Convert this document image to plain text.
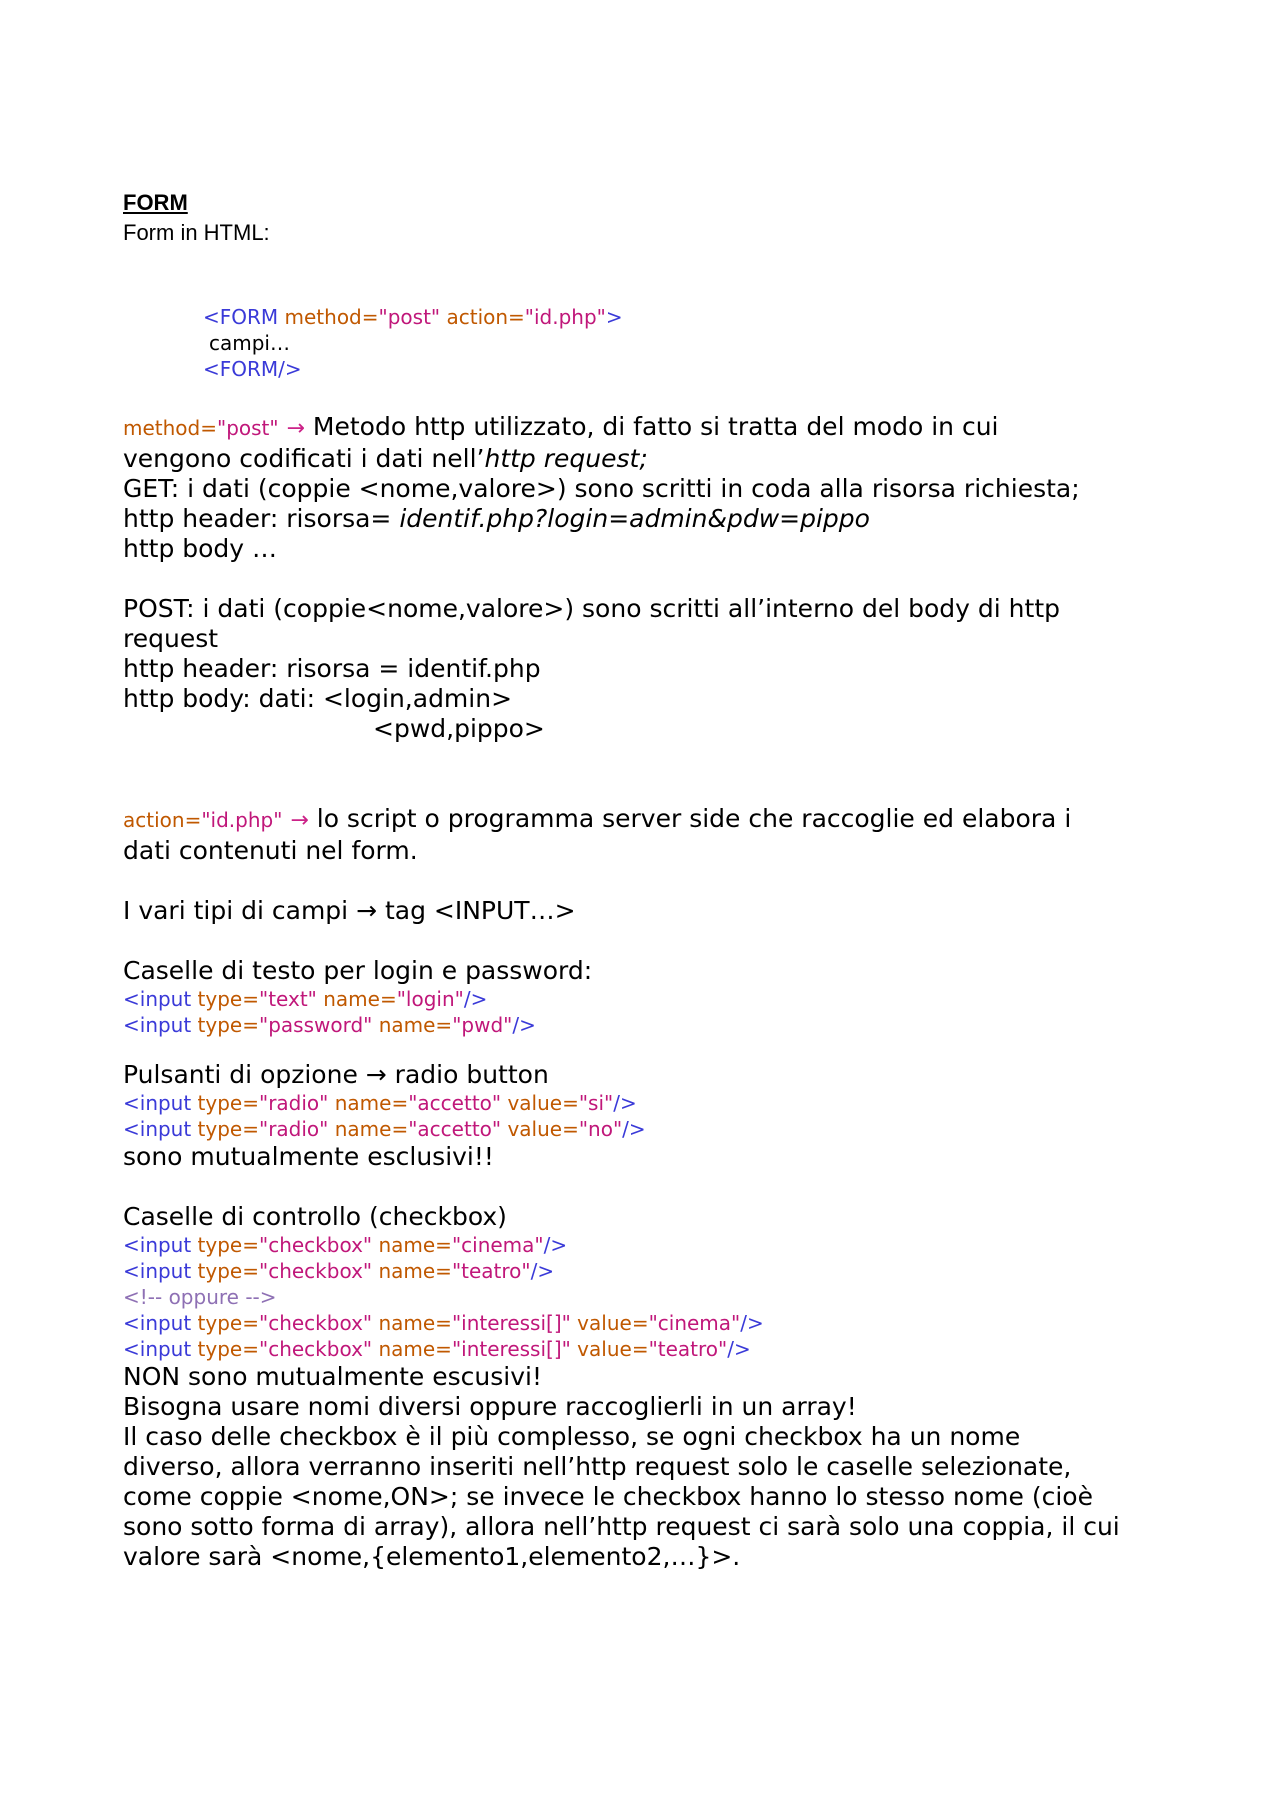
FORM
Form in HTML:
<FORM method="post" action="id.php">
campi…
<FORM/>
method="post" → Metodo http utilizzato, di fatto si tratta del modo in cui
vengono codificati i dati nell’http request;
GET: i dati (coppie <nome,valore>) sono scritti in coda alla risorsa richiesta;
http header: risorsa= identif.php?login=admin&pdw=pippo
http body …
POST: i dati (coppie<nome,valore>) sono scritti all’interno del body di http
request
http header: risorsa = identif.php
http body: dati: <login,admin>
<pwd,pippo>
action="id.php" → lo script o programma server side che raccoglie ed elabora i
dati contenuti nel form.
I vari tipi di campi → tag <INPUT…>
Caselle di testo per login e password:
<input type="text" name="login"/>
<input type="password" name="pwd"/>
Pulsanti di opzione → radio button
<input type="radio" name="accetto" value="si"/>
<input type="radio" name="accetto" value="no"/>
sono mutualmente esclusivi!!
Caselle di controllo (checkbox)
<input type="checkbox" name="cinema"/>
<input type="checkbox" name="teatro"/>
<!-- oppure -->
<input type="checkbox" name="interessi[]" value="cinema"/>
<input type="checkbox" name="interessi[]" value="teatro"/>
NON sono mutualmente escusivi!
Bisogna usare nomi diversi oppure raccoglierli in un array!
Il caso delle checkbox è il più complesso, se ogni checkbox ha un nome
diverso, allora verranno inseriti nell’http request solo le caselle selezionate,
come coppie <nome,ON>; se invece le checkbox hanno lo stesso nome (cioè
sono sotto forma di array), allora nell’http request ci sarà solo una coppia, il cui
valore sarà <nome,{elemento1,elemento2,…}>.
